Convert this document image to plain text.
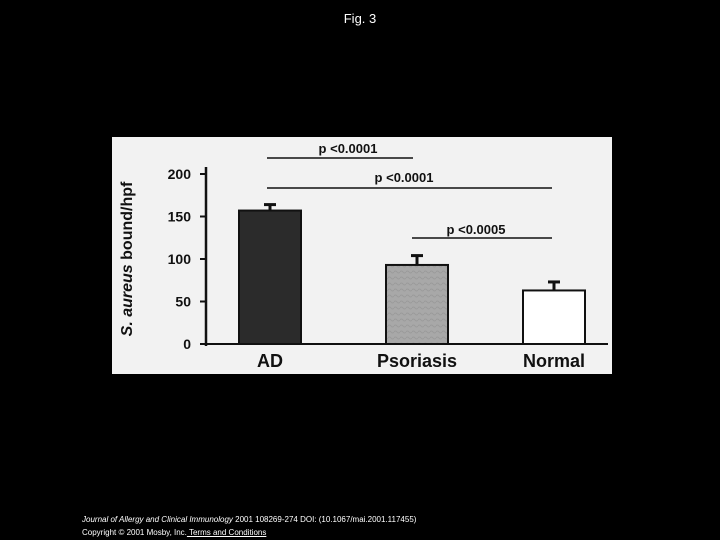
Fig. 3
0
50
100
150
200
p <0.0001
p <0.0001
p <0.0005
S. aureus bound/hpf
AD	Psoriasis	Normal
Journal of Allergy and Clinical Immunology 2001 108269-274 DOI: (10.1067/mai.2001.117455)
Copyright © 2001 Mosby, Inc. Terms and Conditions
